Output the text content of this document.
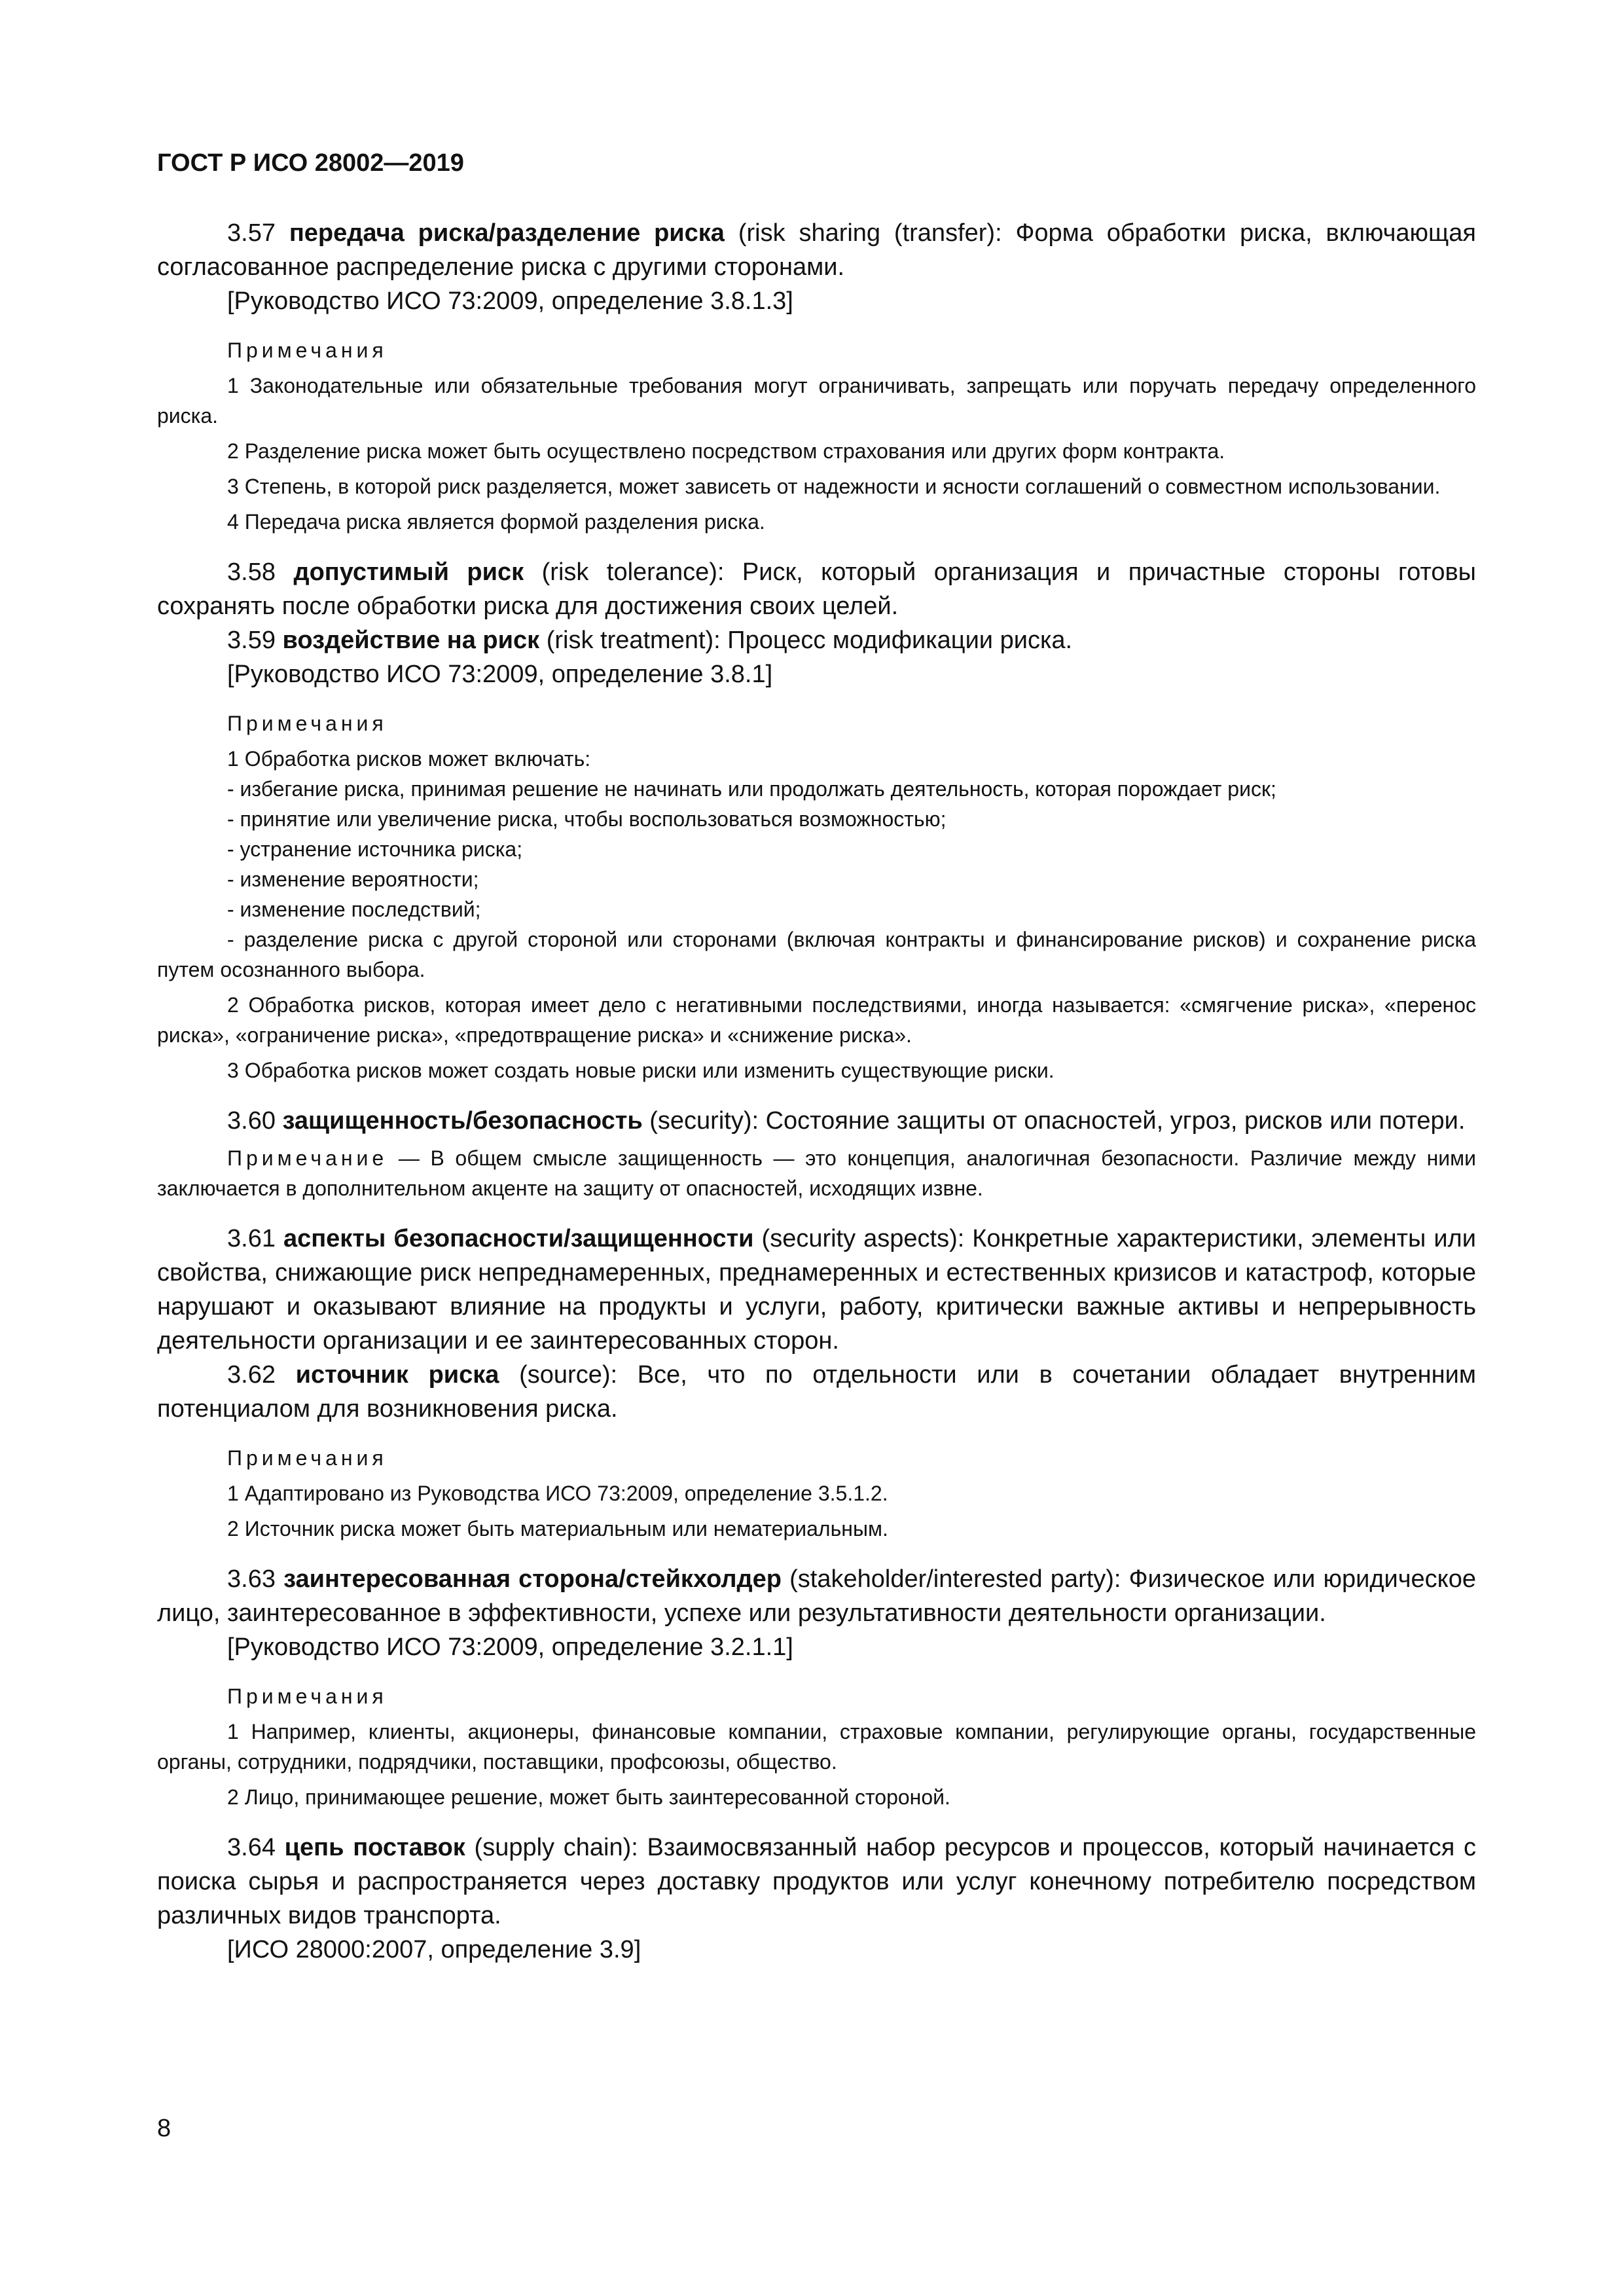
ГОСТ Р ИСО 28002—2019

3.57 передача риска/разделение риска (risk sharing (transfer): Форма обработки риска, включающая согласованное распределение риска с другими сторонами.

[Руководство ИСО 73:2009, определение 3.8.1.3]

Примечания

1 Законодательные или обязательные требования могут ограничивать, запрещать или поручать передачу определенного риска.

2 Разделение риска может быть осуществлено посредством страхования или других форм контракта.

3 Степень, в которой риск разделяется, может зависеть от надежности и ясности соглашений о совместном использовании.

4 Передача риска является формой разделения риска.

3.58 допустимый риск (risk tolerance): Риск, который организация и причастные стороны готовы сохранять после обработки риска для достижения своих целей.

3.59 воздействие на риск (risk treatment): Процесс модификации риска.

[Руководство ИСО 73:2009, определение 3.8.1]

Примечания

1 Обработка рисков может включать:

- избегание риска, принимая решение не начинать или продолжать деятельность, которая порождает риск;

- принятие или увеличение риска, чтобы воспользоваться возможностью;

- устранение источника риска;

- изменение вероятности;

- изменение последствий;

- разделение риска с другой стороной или сторонами (включая контракты и финансирование рисков) и сохранение риска путем осознанного выбора.

2 Обработка рисков, которая имеет дело с негативными последствиями, иногда называется: «смягчение риска», «перенос риска», «ограничение риска», «предотвращение риска» и «снижение риска».

3 Обработка рисков может создать новые риски или изменить существующие риски.

3.60 защищенность/безопасность (security): Состояние защиты от опасностей, угроз, рисков или потери.

Примечание — В общем смысле защищенность — это концепция, аналогичная безопасности. Различие между ними заключается в дополнительном акценте на защиту от опасностей, исходящих извне.

3.61 аспекты безопасности/защищенности (security aspects): Конкретные характеристики, элементы или свойства, снижающие риск непреднамеренных, преднамеренных и естественных кризисов и катастроф, которые нарушают и оказывают влияние на продукты и услуги, работу, критически важные активы и непрерывность деятельности организации и ее заинтересованных сторон.

3.62 источник риска (source): Все, что по отдельности или в сочетании обладает внутренним потенциалом для возникновения риска.

Примечания

1 Адаптировано из Руководства ИСО 73:2009, определение 3.5.1.2.

2 Источник риска может быть материальным или нематериальным.

3.63 заинтересованная сторона/стейкхолдер (stakeholder/interested party): Физическое или юридическое лицо, заинтересованное в эффективности, успехе или результативности деятельности организации.

[Руководство ИСО 73:2009, определение 3.2.1.1]

Примечания

1 Например, клиенты, акционеры, финансовые компании, страховые компании, регулирующие органы, государственные органы, сотрудники, подрядчики, поставщики, профсоюзы, общество.

2 Лицо, принимающее решение, может быть заинтересованной стороной.

3.64 цепь поставок (supply chain): Взаимосвязанный набор ресурсов и процессов, который начинается с поиска сырья и распространяется через доставку продуктов или услуг конечному потребителю посредством различных видов транспорта.

[ИСО 28000:2007, определение 3.9]

8
